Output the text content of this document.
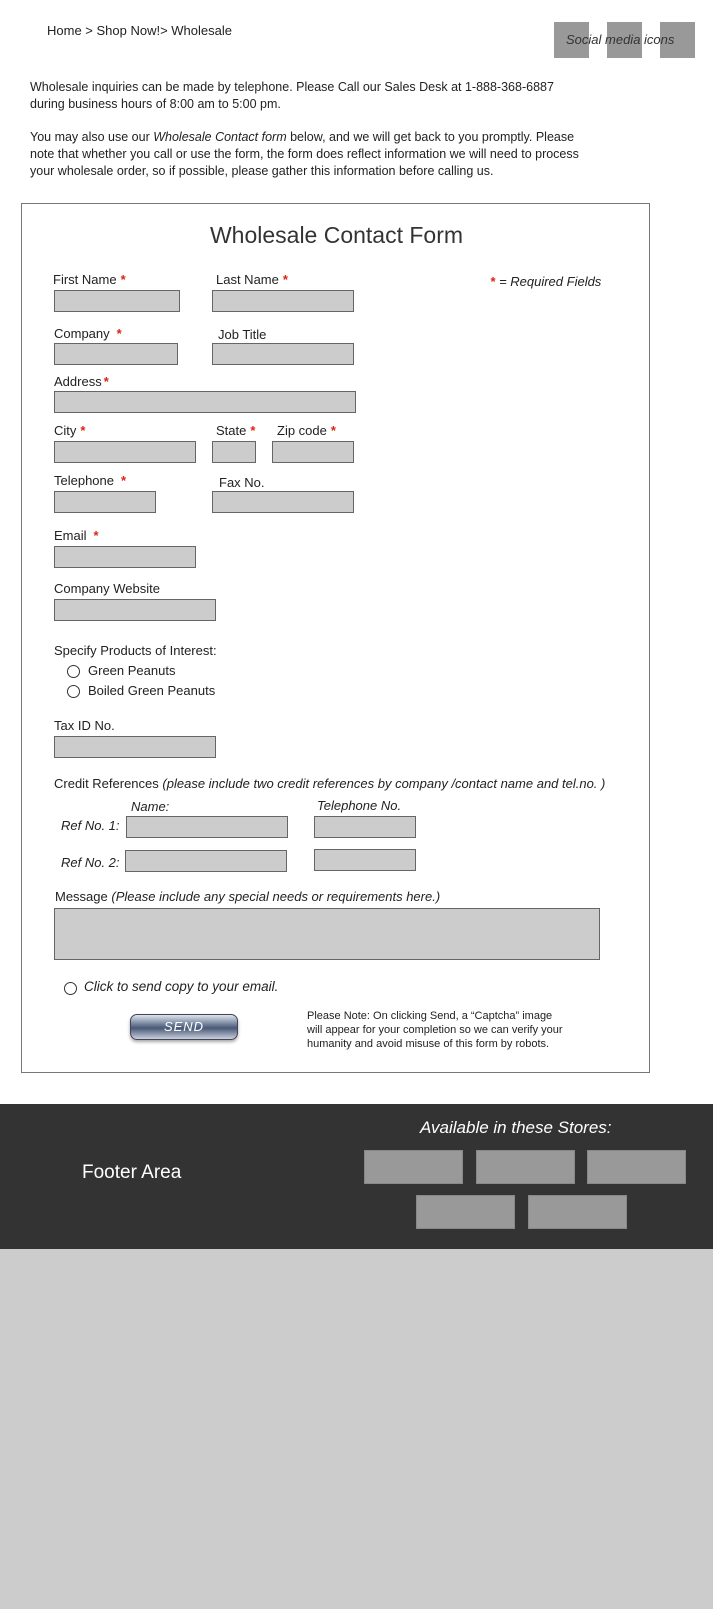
Home > Shop Now!> Wholesale
Social media icons
Wholesale inquiries can be made by telephone. Please Call our Sales Desk at 1-888-368-6887
during business hours of 8:00 am to 5:00 pm.
You may also use our Wholesale Contact form below, and we will get back to you promptly. Please
note that whether you call or use the form, the form does reflect information we will need to process
your wholesale order, so if possible, please gather this information before calling us.
Wholesale Contact Form
* = Required Fields
First Name *	Last Name *
Company *	Job Title
Address *
City *	State * Zip code *
Telephone *	Fax No.
Email *
Company Website
Specify Products of Interest:
Green Peanuts
Boiled Green Peanuts
Tax ID No.
Credit References (please include two credit references by company /contact name and tel.no. )
Name:	Telephone No.
Ref No. 1:
Ref No. 2:
Message (Please include any special needs or requirements here.)
Click to send copy to your email.
SEND
Please Note: On clicking Send, a “Captcha” image
will appear for your completion so we can verify your
humanity and avoid misuse of this form by robots.
Footer Area
Available in these Stores:
